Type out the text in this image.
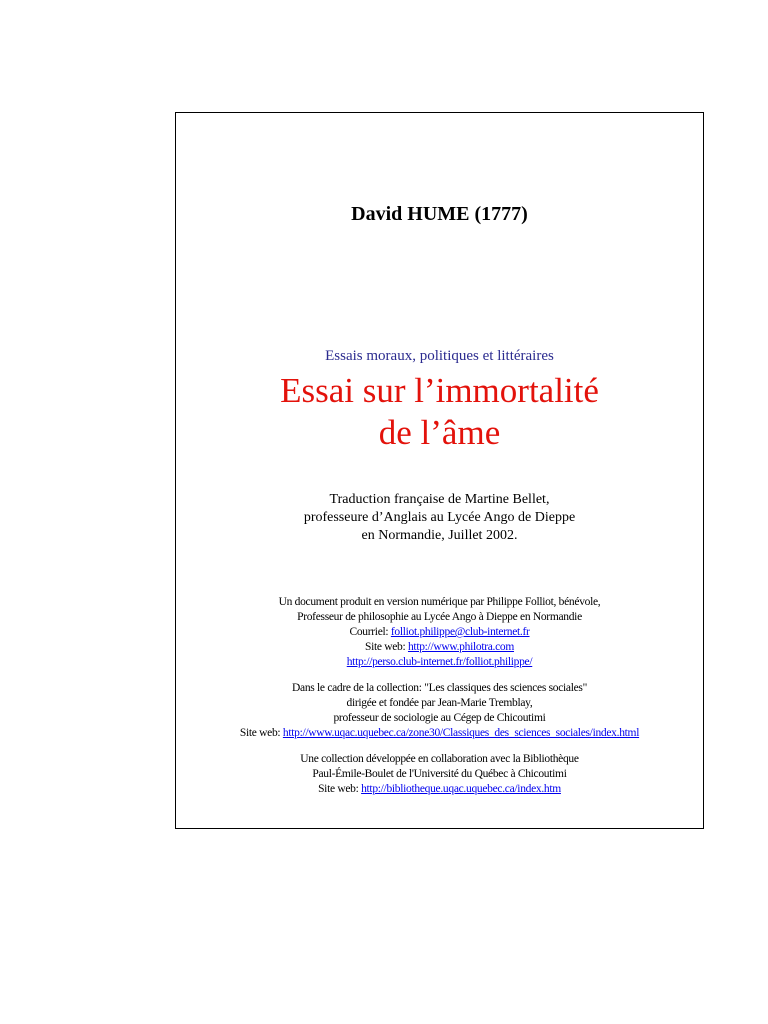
David HUME (1777)
Essais moraux, politiques et littéraires
Essai sur l’immortalité
de l’âme
Traduction française de Martine Bellet,
professeure d’Anglais au Lycée Ango de Dieppe
en Normandie, Juillet 2002.
Un document produit en version numérique par Philippe Folliot, bénévole,
Professeur de philosophie au Lycée Ango à Dieppe en Normandie
Courriel: folliot.philippe@club-internet.fr
Site web: http://www.philotra.com
http://perso.club-internet.fr/folliot.philippe/
Dans le cadre de la collection: "Les classiques des sciences sociales"
dirigée et fondée par Jean-Marie Tremblay,
professeur de sociologie au Cégep de Chicoutimi
Site web: http://www.uqac.uquebec.ca/zone30/Classiques_des_sciences_sociales/index.html
Une collection développée en collaboration avec la Bibliothèque
Paul-Émile-Boulet de l'Université du Québec à Chicoutimi
Site web: http://bibliotheque.uqac.uquebec.ca/index.htm
